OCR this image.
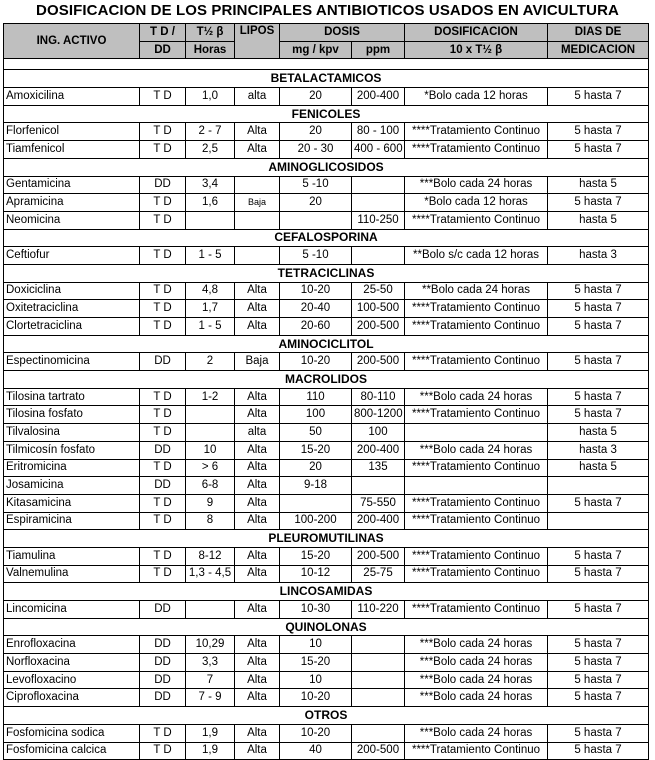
DOSIFICACION DE LOS PRINCIPALES ANTIBIOTICOS USADOS EN AVICULTURA
ING. ACTIVO	T D /	T½ β	LIPOS	DOSIS		DOSIFICACION	DIAS DE
	DD	Horas		mg / kpv	ppm	10 x T½ β	MEDICACION

BETALACTAMICOS							
Amoxicilina	T D	1,0	alta	20	200-400	*Bolo cada 12 horas	5 hasta 7
FENICOLES							
Florfenicol	T D	2 - 7	Alta	20	80 - 100	****Tratamiento Continuo	5 hasta 7
Tiamfenicol	T D	2,5	Alta	20 - 30	400 - 600	****Tratamiento Continuo	5 hasta 7
AMINOGLICOSIDOS							
Gentamicina	DD	3,4		5 -10		***Bolo cada 24 horas	hasta 5
Apramicina	T D	1,6	Baja	20		*Bolo cada 12 horas	5 hasta 7
Neomicina	T D				110-250	****Tratamiento Continuo	hasta 5
CEFALOSPORINA							
Ceftiofur	T D	1 - 5		5 -10		**Bolo s/c cada 12 horas	hasta 3
TETRACICLINAS							
Doxiciclina	T D	4,8	Alta	10-20	25-50	**Bolo cada 24 horas	5 hasta 7
Oxitetraciclina	T D	1,7	Alta	20-40	100-500	****Tratamiento Continuo	5 hasta 7
Clortetraciclina	T D	1 - 5	Alta	20-60	200-500	****Tratamiento Continuo	5 hasta 7
AMINOCICLITOL							
Espectinomicina	DD	2	Baja	10-20	200-500	****Tratamiento Continuo	5 hasta 7
MACROLIDOS							
Tilosina tartrato	T D	1-2	Alta	110	80-110	***Bolo cada 24 horas	5 hasta 7
Tilosina fosfato	T D		Alta	100	800-1200	****Tratamiento Continuo	5 hasta 7
Tilvalosina	T D		alta	50	100		hasta 5
Tilmicosín fosfato	DD	10	Alta	15-20	200-400	***Bolo cada 24 horas	hasta 3
Eritromicina	T D	> 6	Alta	20	135	****Tratamiento Continuo	hasta 5
Josamicina	DD	6-8	Alta	9-18			
Kitasamicina	T D	9	Alta		75-550	****Tratamiento Continuo	5 hasta 7
Espiramicina	T D	8	Alta	100-200	200-400	****Tratamiento Continuo	
PLEUROMUTILINAS							
Tiamulina	T D	8-12	Alta	15-20	200-500	****Tratamiento Continuo	5 hasta 7
Valnemulina	T D	1,3 - 4,5	Alta	10-12	25-75	****Tratamiento Continuo	5 hasta 7
LINCOSAMIDAS							
Lincomicina	DD		Alta	10-30	110-220	****Tratamiento Continuo	5 hasta 7
QUINOLONAS							
Enrofloxacina	DD	10,29	Alta	10		***Bolo cada 24 horas	5 hasta 7
Norfloxacina	DD	3,3	Alta	15-20		***Bolo cada 24 horas	5 hasta 7
Levofloxacino	DD	7	Alta	10		***Bolo cada 24 horas	5 hasta 7
Ciprofloxacina	DD	7 - 9	Alta	10-20		***Bolo cada 24 horas	5 hasta 7
OTROS							
Fosfomicina sodica	T D	1,9	Alta	10-20		***Bolo cada 24 horas	5 hasta 7
Fosfomicina calcica	T D	1,9	Alta	40	200-500	****Tratamiento Continuo	5 hasta 7
